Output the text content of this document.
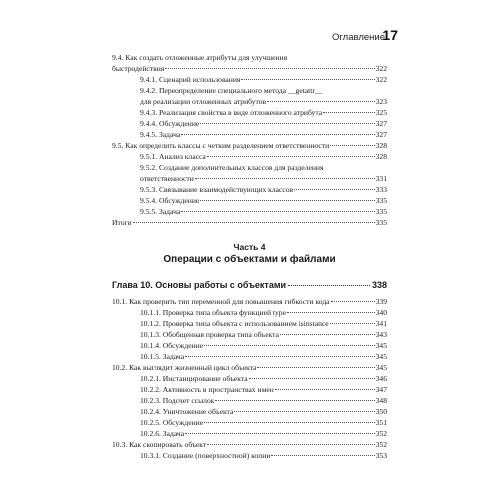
Оглавление
17
9.4. Как создать отложенные атрибуты для улучшения
быстродействия	322
9.4.1. Сценарий использования	322
9.4.2. Переопределение специального метода __getattr__
для реализации отложенных атрибутов	323
9.4.3. Реализация свойства в виде отложенного атрибута	325
9.4.4. Обсуждение	327
9.4.5. Задача	327
9.5. Как определить классы с четким разделением ответственности	328
9.5.1. Анализ класса	328
9.5.2. Создание дополнительных классов для разделения
ответственности	331
9.5.3. Связывание взаимодействующих классов	333
9.5.4. Обсуждение	335
9.5.5. Задача	335
Итоги	335
Часть 4
Операции с объектами и файлами
Глава 10. Основы работы с объектами	338
10.1. Как проверить тип переменной для повышения гибкости кода	339
10.1.1. Проверка типа объекта функцией type	340
10.1.2. Проверка типа объекта с использованием isinstance	341
10.1.3. Обобщенная проверка типа объекта	343
10.1.4. Обсуждение	345
10.1.5. Задача	345
10.2. Как выглядит жизненный цикл объекта	345
10.2.1. Инстанцирование объекта	346
10.2.2. Активность в пространствах имен	347
10.2.3. Подсчет ссылок	348
10.2.4. Уничтожение объекта	350
10.2.5. Обсуждение	351
10.2.6. Задача	352
10.3. Как скопировать объект	352
10.3.1. Создание (поверхностной) копии	353
